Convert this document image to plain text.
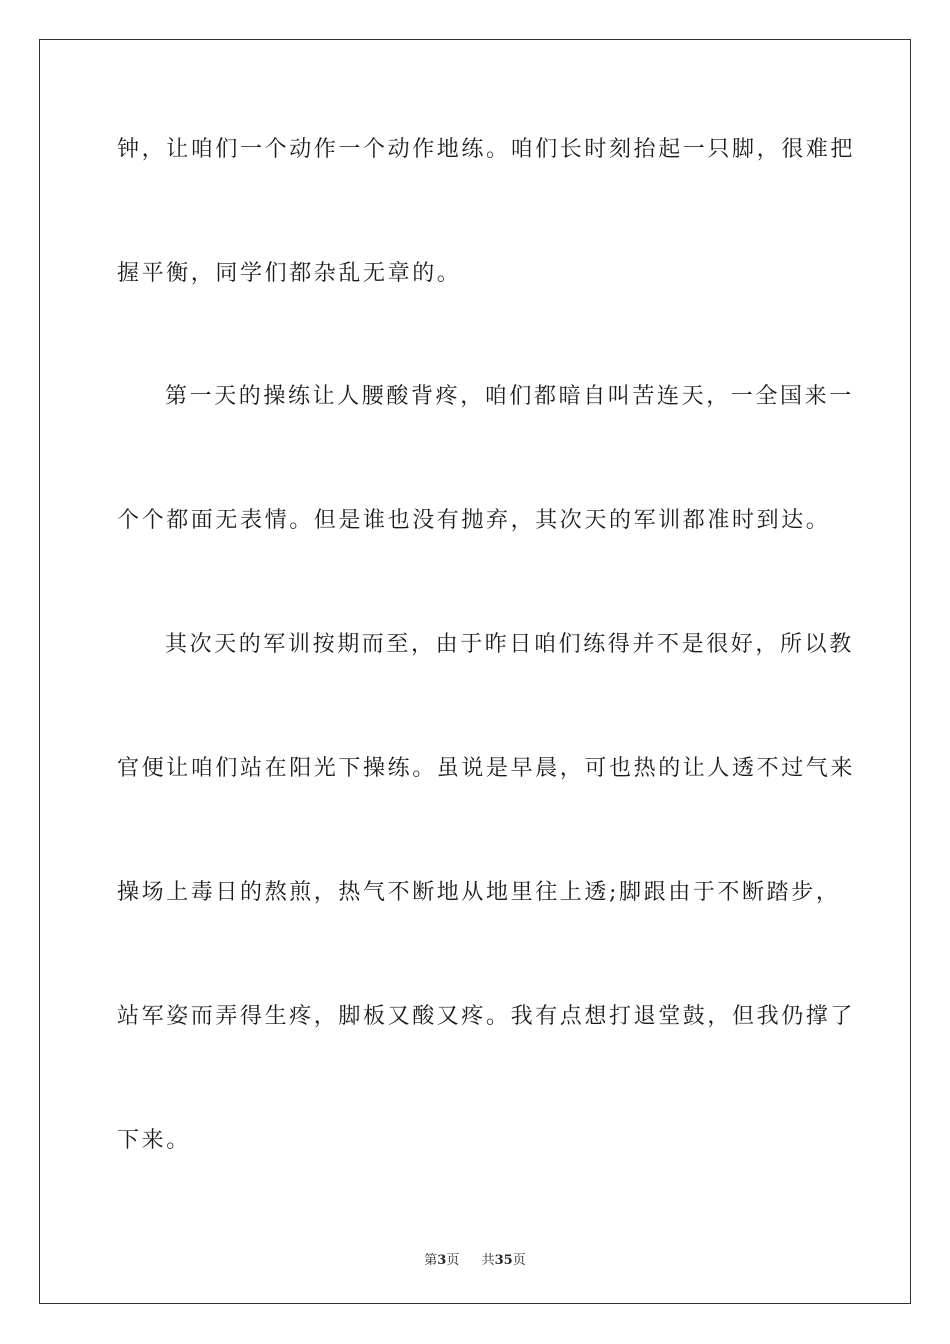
钟，让咱们一个动作一个动作地练。咱们长时刻抬起一只脚，很难把
握平衡，同学们都杂乱无章的。
第一天的操练让人腰酸背疼，咱们都暗自叫苦连天，一全国来一
个个都面无表情。但是谁也没有抛弃，其次天的军训都准时到达。
其次天的军训按期而至，由于昨日咱们练得并不是很好，所以教
官便让咱们站在阳光下操练。虽说是早晨，可也热的让人透不过气来
操场上毒日的熬煎，热气不断地从地里往上透;脚跟由于不断踏步，
站军姿而弄得生疼，脚板又酸又疼。我有点想打退堂鼓，但我仍撑了
下来。
第3页 共35页
